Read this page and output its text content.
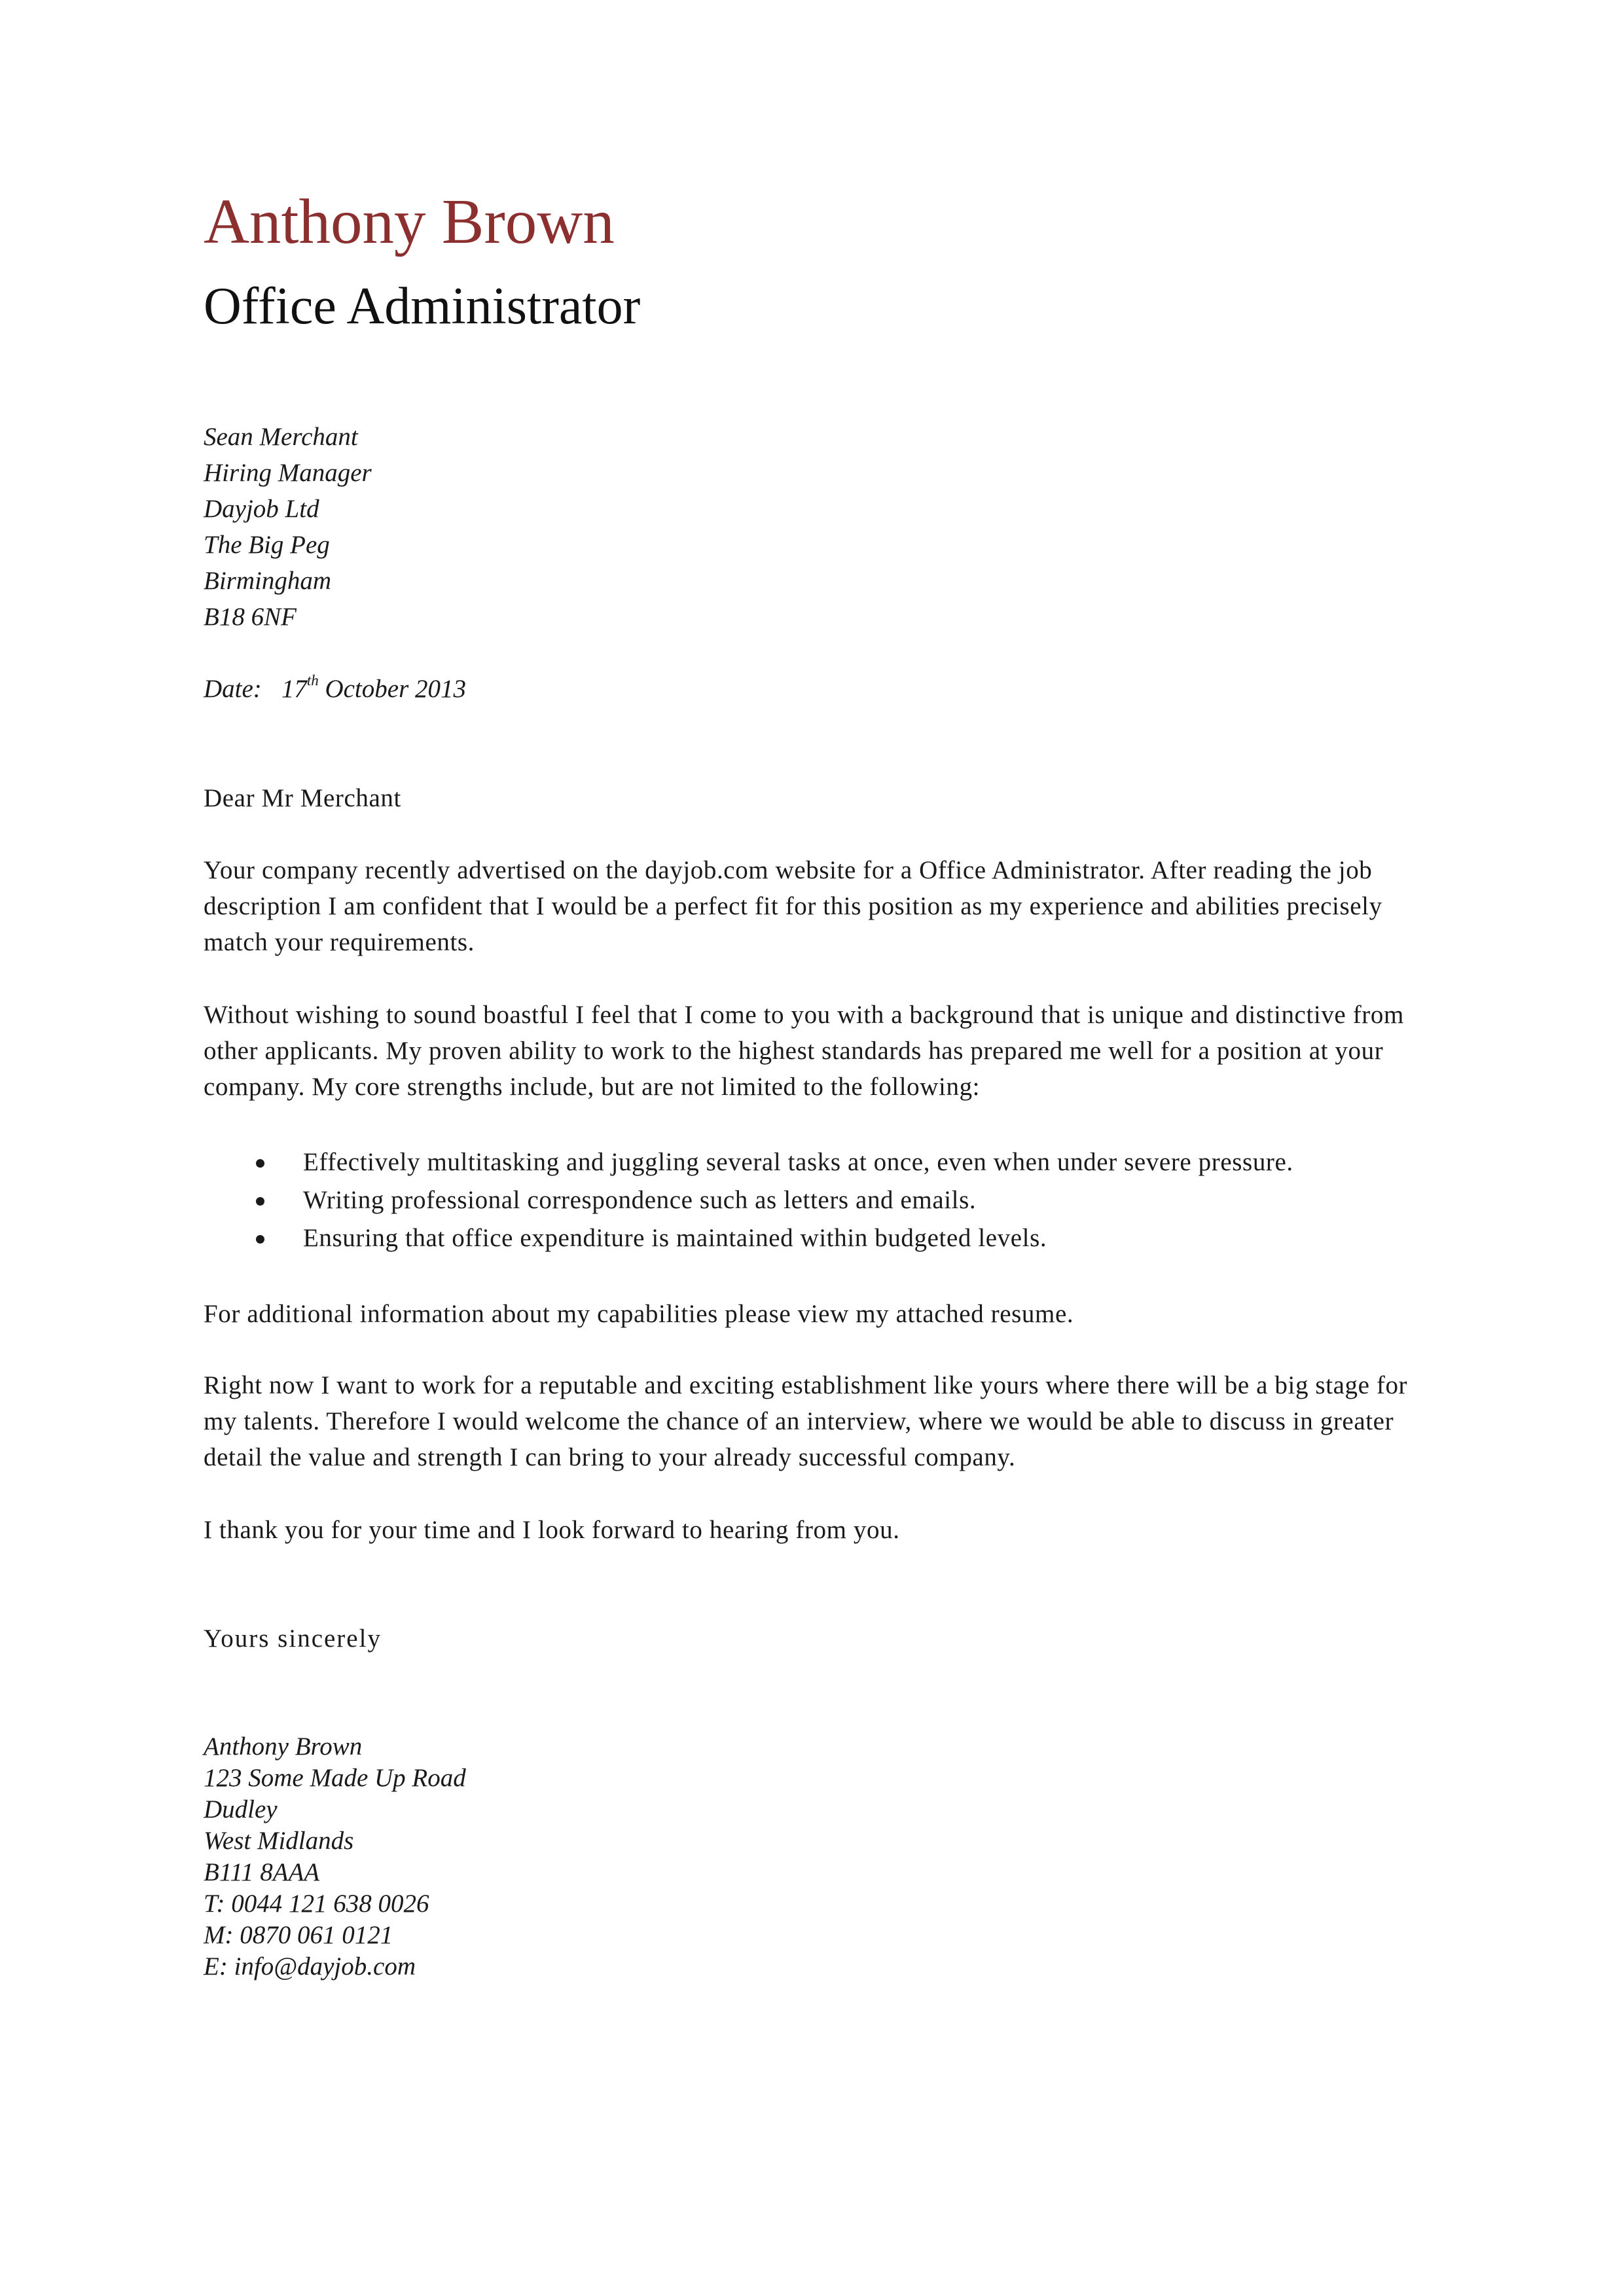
Anthony Brown
Office Administrator
Sean Merchant
Hiring Manager
Dayjob Ltd
The Big Peg
Birmingham
B18 6NF
Date: 17th October 2013
Dear Mr Merchant
Your company recently advertised on the dayjob.com website for a Office Administrator. After reading the job description I am confident that I would be a perfect fit for this position as my experience and abilities precisely match your requirements.
Without wishing to sound boastful I feel that I come to you with a background that is unique and distinctive from other applicants. My proven ability to work to the highest standards has prepared me well for a position at your company. My core strengths include, but are not limited to the following:
Effectively multitasking and juggling several tasks at once, even when under severe pressure.
Writing professional correspondence such as letters and emails.
Ensuring that office expenditure is maintained within budgeted levels.
For additional information about my capabilities please view my attached resume.
Right now I want to work for a reputable and exciting establishment like yours where there will be a big stage for my talents. Therefore I would welcome the chance of an interview, where we would be able to discuss in greater detail the value and strength I can bring to your already successful company.
I thank you for your time and I look forward to hearing from you.
Yours sincerely
Anthony Brown
123 Some Made Up Road
Dudley
West Midlands
B111 8AAA
T: 0044 121 638 0026
M: 0870 061 0121
E: info@dayjob.com
